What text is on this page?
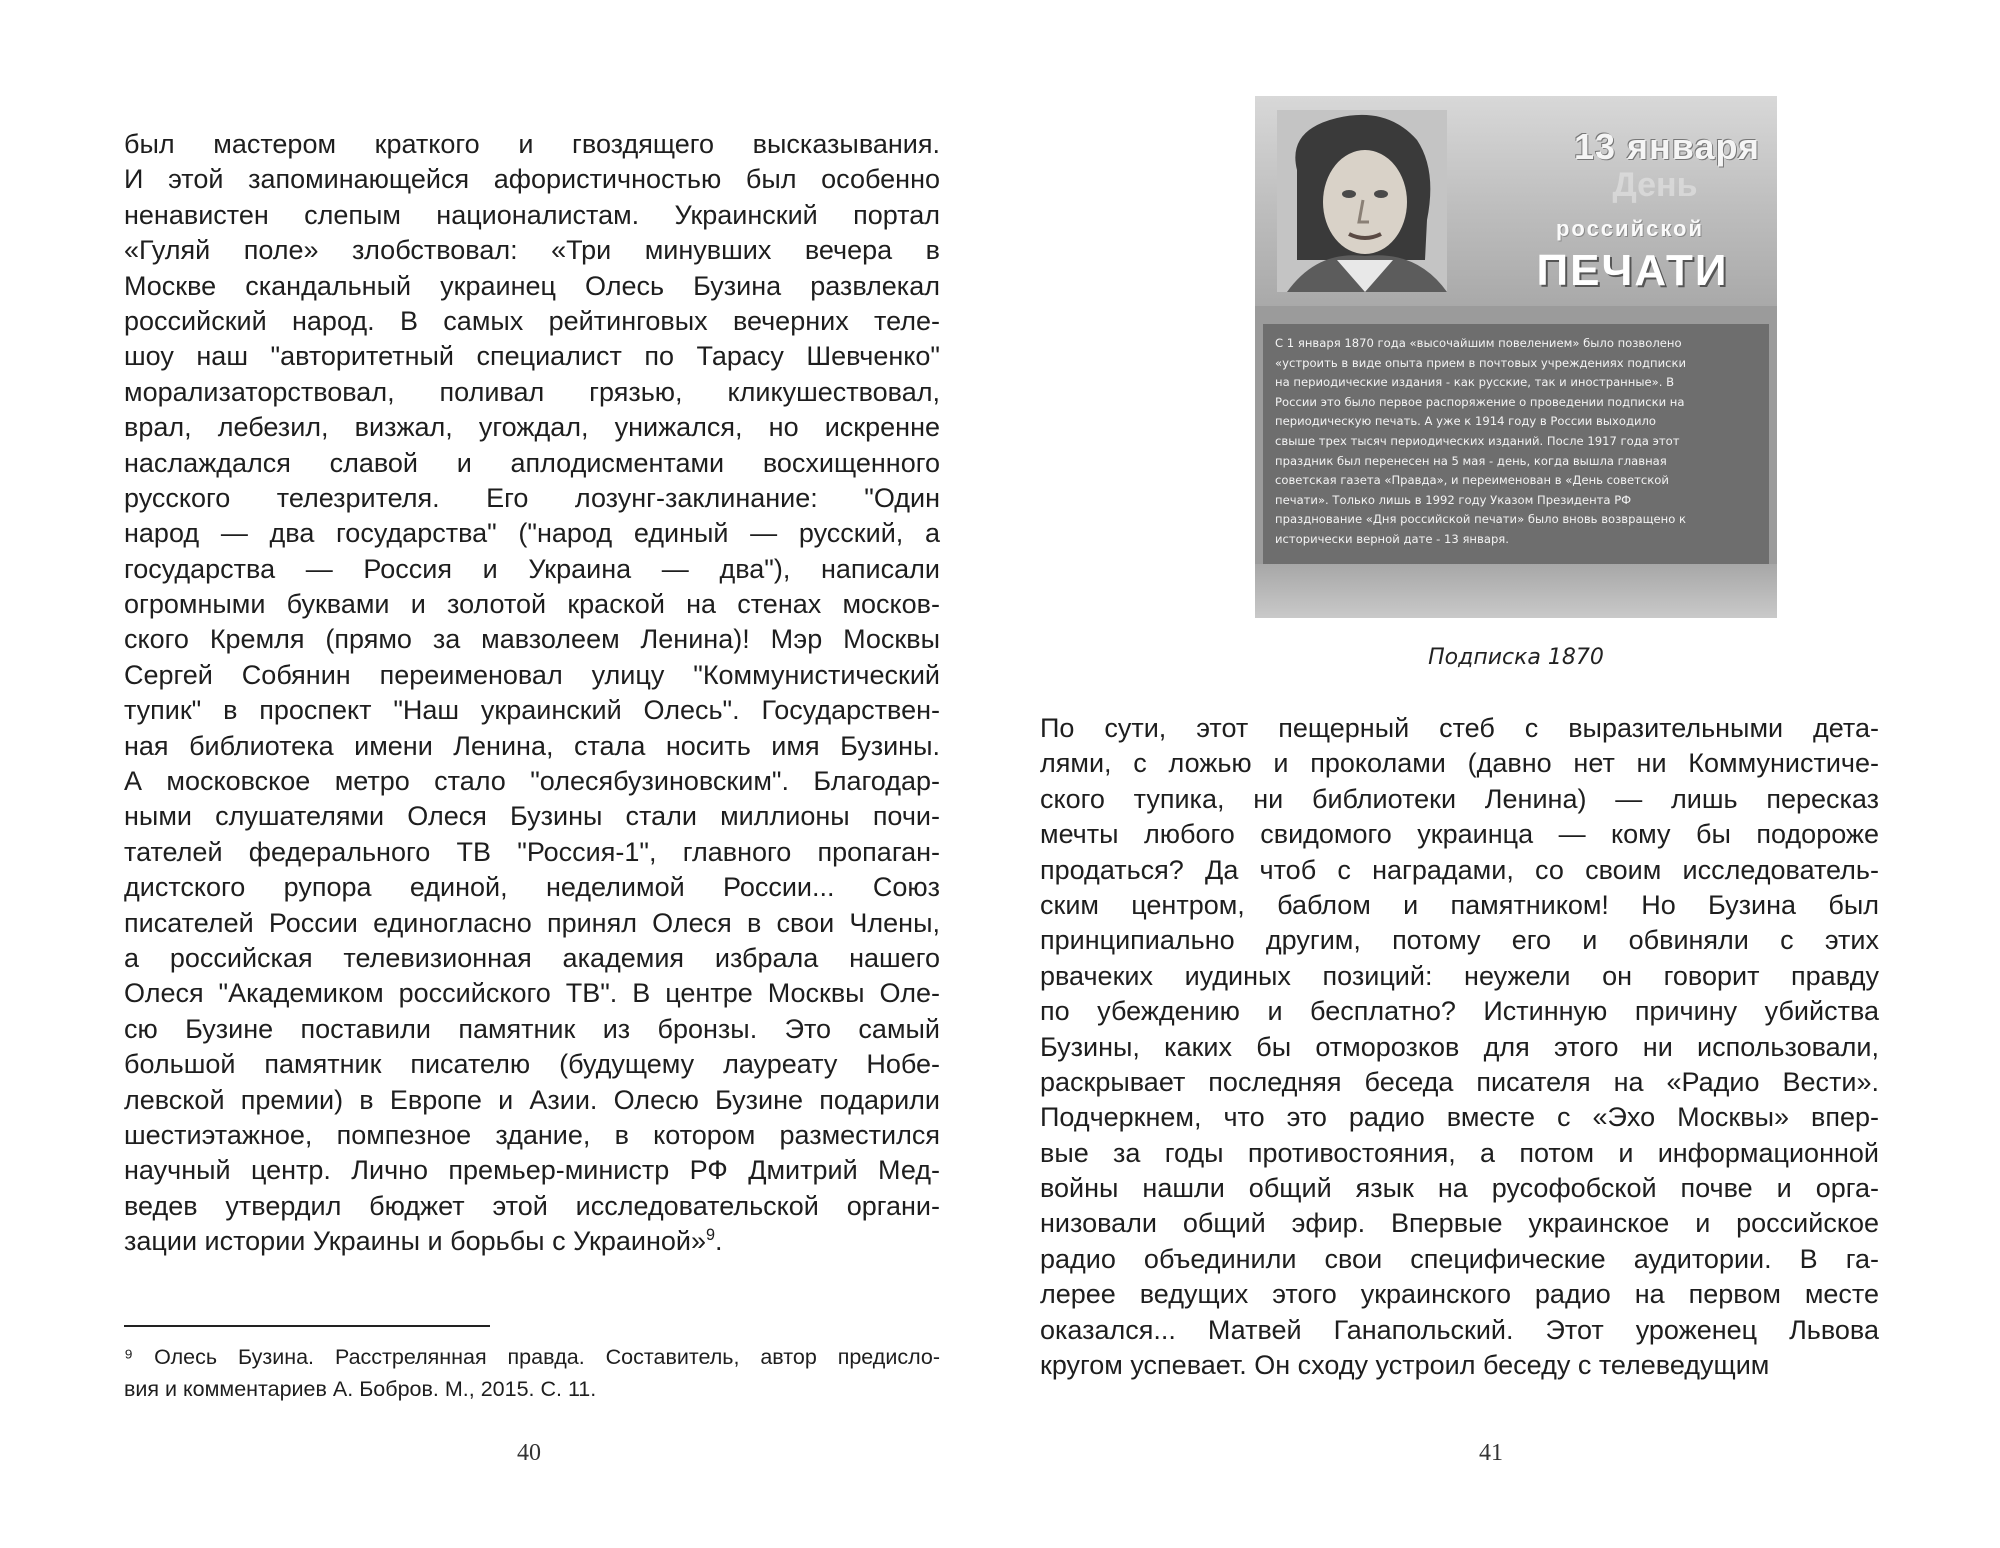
был мастером краткого и гвоздящего высказывания.
И этой запоминающейся афористичностью был особенно
ненавистен слепым националистам. Украинский портал
«Гуляй поле» злобствовал: «Три минувших вечера в
Москве скандальный украинец Олесь Бузина развлекал
российский народ. В самых рейтинговых вечерних теле-
шоу наш "авторитетный специалист по Тарасу Шевченко"
морализаторствовал, поливал грязью, кликушествовал,
врал, лебезил, визжал, угождал, унижался, но искренне
наслаждался славой и аплодисментами восхищенного
русского телезрителя. Его лозунг-заклинание: "Один
народ — два государства" ("народ единый — русский, а
государства — Россия и Украина — два"), написали
огромными буквами и золотой краской на стенах москов-
ского Кремля (прямо за мавзолеем Ленина)! Мэр Москвы
Сергей Собянин переименовал улицу "Коммунистический
тупик" в проспект "Наш украинский Олесь". Государствен-
ная библиотека имени Ленина, стала носить имя Бузины.
А московское метро стало "олесябузиновским". Благодар-
ными слушателями Олеся Бузины стали миллионы почи-
тателей федерального ТВ "Россия-1", главного пропаган-
дистского рупора единой, неделимой России... Союз
писателей России единогласно принял Олеся в свои Члены,
а российская телевизионная академия избрала нашего
Олеся "Академиком российского ТВ". В центре Москвы Оле-
сю Бузине поставили памятник из бронзы. Это самый
большой памятник писателю (будущему лауреату Нобе-
левской премии) в Европе и Азии. Олесю Бузине подарили
шестиэтажное, помпезное здание, в котором разместился
научный центр. Лично премьер-министр РФ Дмитрий Мед-
ведев утвердил бюджет этой исследовательской органи-
зации истории Украины и борьбы с Украиной»$^9$.
⁹ Олесь Бузина. Расстрелянная правда. Составитель, автор предисло-
вия и комментариев А. Бобров. М., 2015. С. 11.
40
13 января
День
российской
ПЕЧАТИ
С 1 января 1870 года «высочайшим повелением» было позволено
«устроить в виде опыта прием в почтовых учреждениях подписки
на периодические издания - как русские, так и иностранные». В
России это было первое распоряжение о проведении подписки на
периодическую печать. А уже к 1914 году в России выходило
свыше трех тысяч периодических изданий. После 1917 года этот
праздник был перенесен на 5 мая - день, когда вышла главная
советская газета «Правда», и переименован в «День советской
печати». Только лишь в 1992 году Указом Президента РФ
празднование «Дня российской печати» было вновь возвращено к
исторически верной дате - 13 января.
Подписка 1870
По сути, этот пещерный стеб с выразительными дета-
лями, с ложью и проколами (давно нет ни Коммунистиче-
ского тупика, ни библиотеки Ленина) — лишь пересказ
мечты любого свидомого украинца — кому бы подороже
продаться? Да чтоб с наградами, со своим исследователь-
ским центром, баблом и памятником! Но Бузина был
принципиально другим, потому его и обвиняли с этих
рвачеких иудиных позиций: неужели он говорит правду
по убеждению и бесплатно? Истинную причину убийства
Бузины, каких бы отморозков для этого ни использовали,
раскрывает последняя беседа писателя на «Радио Вести».
Подчеркнем, что это радио вместе с «Эхо Москвы» впер-
вые за годы противостояния, а потом и информационной
войны нашли общий язык на русофобской почве и орга-
низовали общий эфир. Впервые украинское и российское
радио объединили свои специфические аудитории. В га-
лерее ведущих этого украинского радио на первом месте
оказался... Матвей Ганапольский. Этот уроженец Львова
кругом успевает. Он сходу устроил беседу с телеведущим
41
